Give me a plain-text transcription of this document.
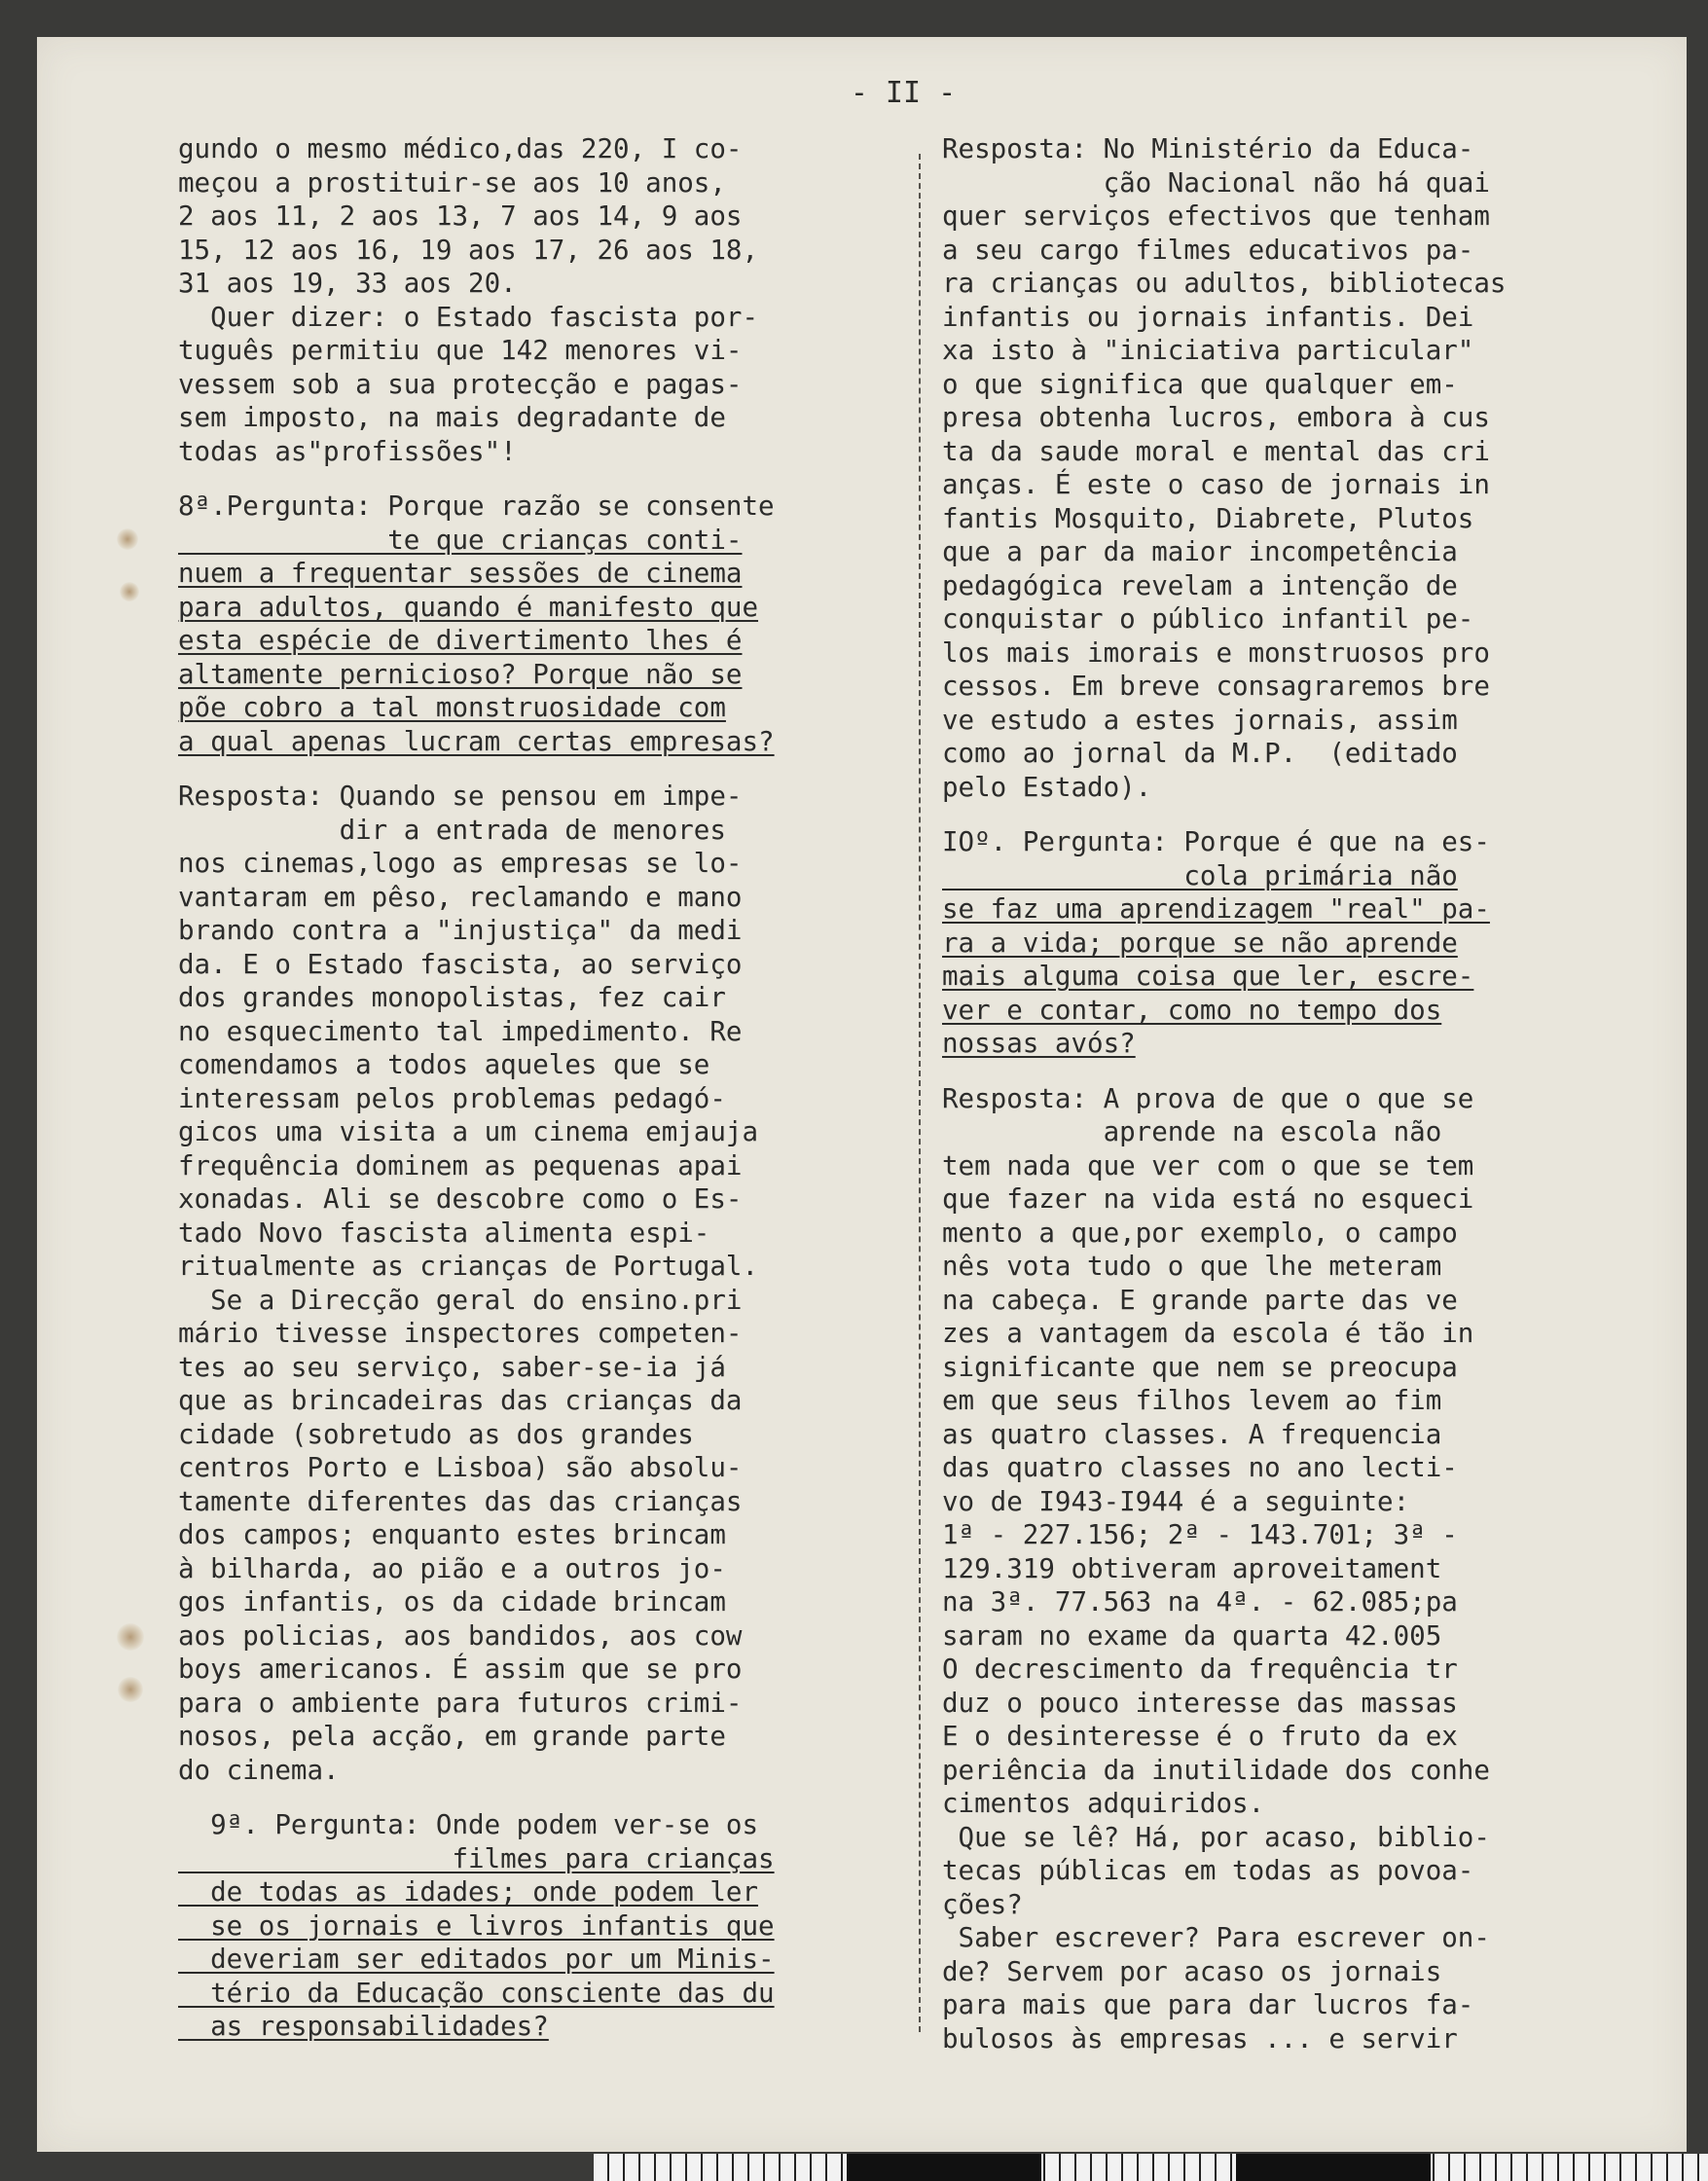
- II -
gundo o mesmo médico,das 220, I co-
meçou a prostituir-se aos 10 anos,
2 aos 11, 2 aos 13, 7 aos 14, 9 aos
15, 12 aos 16, 19 aos 17, 26 aos 18,
31 aos 19, 33 aos 20.
Quer dizer: o Estado fascista por-
tuguês permitiu que 142 menores vi-
vessem sob a sua protecção e pagas-
sem imposto, na mais degradante de
todas as"profissões"!
8ª.Pergunta: Porque razão se consente
te que crianças conti-
nuem a frequentar sessões de cinema
para adultos, quando é manifesto que
esta espécie de divertimento lhes é
altamente pernicioso? Porque não se
põe cobro a tal monstruosidade com
a qual apenas lucram certas empresas?
Resposta: Quando se pensou em impe-
dir a entrada de menores
nos cinemas,logo as empresas se lo-
vantaram em pêso, reclamando e mano
brando contra a "injustiça" da medi
da. E o Estado fascista, ao serviço
dos grandes monopolistas, fez cair
no esquecimento tal impedimento. Re
comendamos a todos aqueles que se
interessam pelos problemas pedagó-
gicos uma visita a um cinema emjauja
frequência dominem as pequenas apai
xonadas. Ali se descobre como o Es-
tado Novo fascista alimenta espi-
ritualmente as crianças de Portugal.
Se a Direcção geral do ensino.pri
mário tivesse inspectores competen-
tes ao seu serviço, saber-se-ia já
que as brincadeiras das crianças da
cidade (sobretudo as dos grandes
centros Porto e Lisboa) são absolu-
tamente diferentes das das crianças
dos campos; enquanto estes brincam
à bilharda, ao pião e a outros jo-
gos infantis, os da cidade brincam
aos policias, aos bandidos, aos cow
boys americanos. É assim que se pro
para o ambiente para futuros crimi-
nosos, pela acção, em grande parte
do cinema.
9ª. Pergunta: Onde podem ver-se os
filmes para crianças
de todas as idades; onde podem ler
se os jornais e livros infantis que
deveriam ser editados por um Minis-
tério da Educação consciente das du
as responsabilidades?
Resposta: No Ministério da Educa-
ção Nacional não há quai
quer serviços efectivos que tenham
a seu cargo filmes educativos pa-
ra crianças ou adultos, bibliotecas
infantis ou jornais infantis. Dei
xa isto à "iniciativa particular"
o que significa que qualquer em-
presa obtenha lucros, embora à cus
ta da saude moral e mental das cri
anças. É este o caso de jornais in
fantis Mosquito, Diabrete, Plutos
que a par da maior incompetência
pedagógica revelam a intenção de
conquistar o público infantil pe-
los mais imorais e monstruosos pro
cessos. Em breve consagraremos bre
ve estudo a estes jornais, assim
como ao jornal da M.P.  (editado
pelo Estado).
IOº. Pergunta: Porque é que na es-
cola primária não
se faz uma aprendizagem "real" pa-
ra a vida; porque se não aprende
mais alguma coisa que ler, escre-
ver e contar, como no tempo dos
nossas avós?
Resposta: A prova de que o que se
aprende na escola não
tem nada que ver com o que se tem
que fazer na vida está no esqueci
mento a que,por exemplo, o campo
nês vota tudo o que lhe meteram
na cabeça. E grande parte das ve
zes a vantagem da escola é tão in
significante que nem se preocupa
em que seus filhos levem ao fim
as quatro classes. A frequencia
das quatro classes no ano lecti-
vo de I943-I944 é a seguinte:
1ª - 227.156; 2ª - 143.701; 3ª -
129.319 obtiveram aproveitament
na 3ª. 77.563 na 4ª. - 62.085;pa
saram no exame da quarta 42.005
O decrescimento da frequência tr
duz o pouco interesse das massas
E o desinteresse é o fruto da ex
periência da inutilidade dos conhe
cimentos adquiridos.
Que se lê? Há, por acaso, biblio-
tecas públicas em todas as povoa-
ções?
Saber escrever? Para escrever on-
de? Servem por acaso os jornais
para mais que para dar lucros fa-
bulosos às empresas ... e servir
